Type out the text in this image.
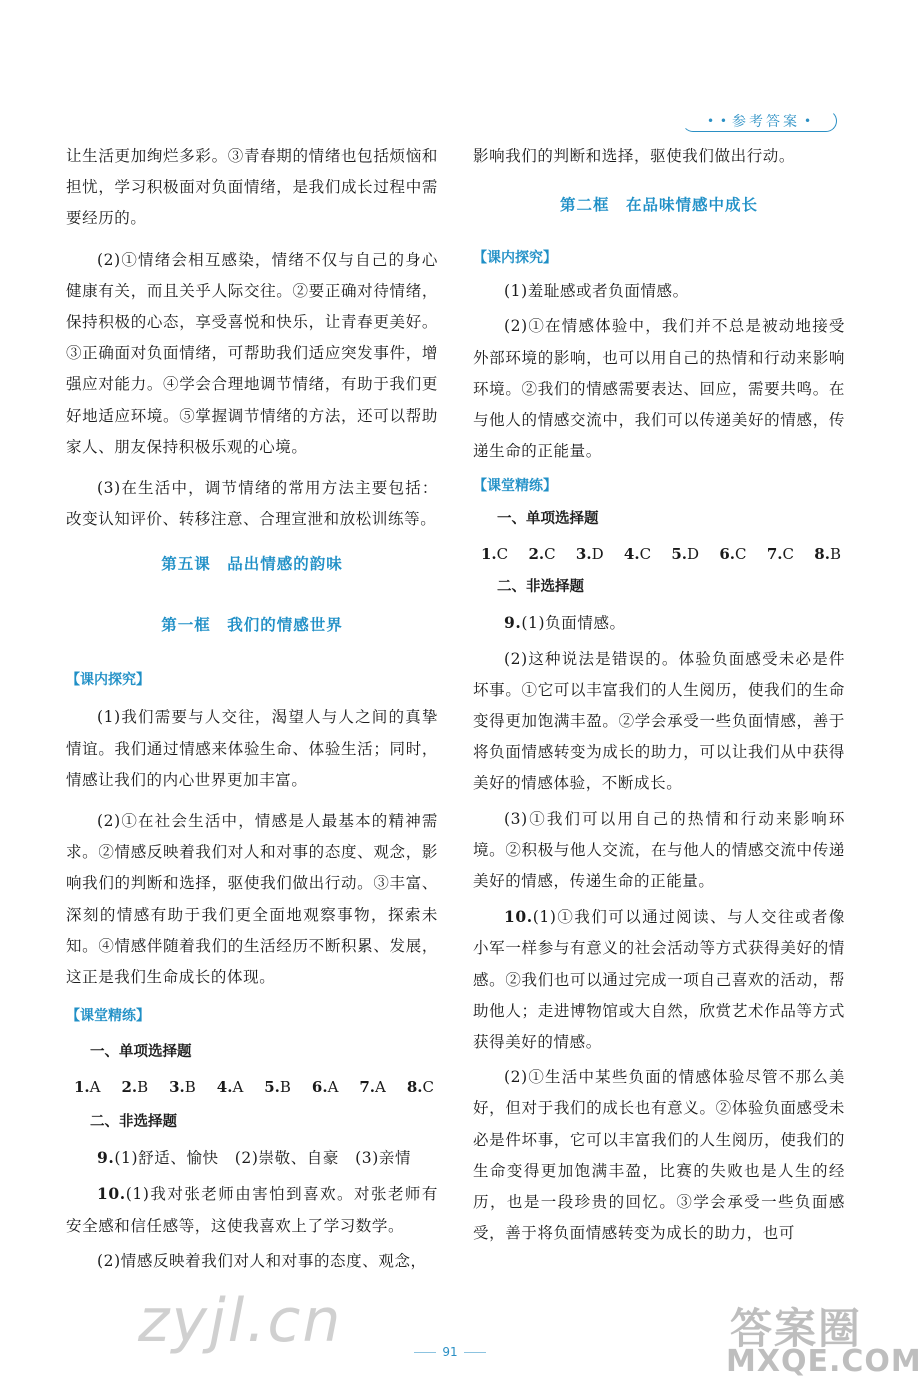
• • 参考答案 •

让生活更加绚烂多彩。③青春期的情绪也包括烦恼和担忧，学习积极面对负面情绪，是我们成长过程中需要经历的。

(2)①情绪会相互感染，情绪不仅与自己的身心健康有关，而且关乎人际交往。②要正确对待情绪，保持积极的心态，享受喜悦和快乐，让青春更美好。③正确面对负面情绪，可帮助我们适应突发事件，增强应对能力。④学会合理地调节情绪，有助于我们更好地适应环境。⑤掌握调节情绪的方法，还可以帮助家人、朋友保持积极乐观的心境。

(3)在生活中，调节情绪的常用方法主要包括：改变认知评价、转移注意、合理宣泄和放松训练等。

第五课　品出情感的韵味
第一框　我们的情感世界
【课内探究】

(1)我们需要与人交往，渴望人与人之间的真挚情谊。我们通过情感来体验生命、体验生活；同时，情感让我们的内心世界更加丰富。

(2)①在社会生活中，情感是人最基本的精神需求。②情感反映着我们对人和对事的态度、观念，影响我们的判断和选择，驱使我们做出行动。③丰富、深刻的情感有助于我们更全面地观察事物，探索未知。④情感伴随着我们的生活经历不断积累、发展，这正是我们生命成长的体现。

【课堂精练】
一、单项选择题
1.A 2.B 3.B 4.A 5.B 6.A 7.A 8.C
二、非选择题

9.(1)舒适、愉快　(2)崇敬、自豪　(3)亲情

10.(1)我对张老师由害怕到喜欢。对张老师有安全感和信任感等，这使我喜欢上了学习数学。

(2)情感反映着我们对人和对事的态度、观念，

影响我们的判断和选择，驱使我们做出行动。

第二框　在品味情感中成长
【课内探究】

(1)羞耻感或者负面情感。

(2)①在情感体验中，我们并不总是被动地接受外部环境的影响，也可以用自己的热情和行动来影响环境。②我们的情感需要表达、回应，需要共鸣。在与他人的情感交流中，我们可以传递美好的情感，传递生命的正能量。

【课堂精练】
一、单项选择题
1.C 2.C 3.D 4.C 5.D 6.C 7.C 8.B
二、非选择题

9.(1)负面情感。

(2)这种说法是错误的。体验负面感受未必是件坏事。①它可以丰富我们的人生阅历，使我们的生命变得更加饱满丰盈。②学会承受一些负面情感，善于将负面情感转变为成长的助力，可以让我们从中获得美好的情感体验，不断成长。

(3)①我们可以用自己的热情和行动来影响环境。②积极与他人交流，在与他人的情感交流中传递美好的情感，传递生命的正能量。

10.(1)①我们可以通过阅读、与人交往或者像小军一样参与有意义的社会活动等方式获得美好的情感。②我们也可以通过完成一项自己喜欢的活动，帮助他人；走进博物馆或大自然，欣赏艺术作品等方式获得美好的情感。

(2)①生活中某些负面的情感体验尽管不那么美好，但对于我们的成长也有意义。②体验负面感受未必是件坏事，它可以丰富我们的人生阅历，使我们的生命变得更加饱满丰盈，比赛的失败也是人生的经历，也是一段珍贵的回忆。③学会承受一些负面感受，善于将负面情感转变为成长的助力，也可

91
zyjl.cn	答案圈
MXQE.COM
